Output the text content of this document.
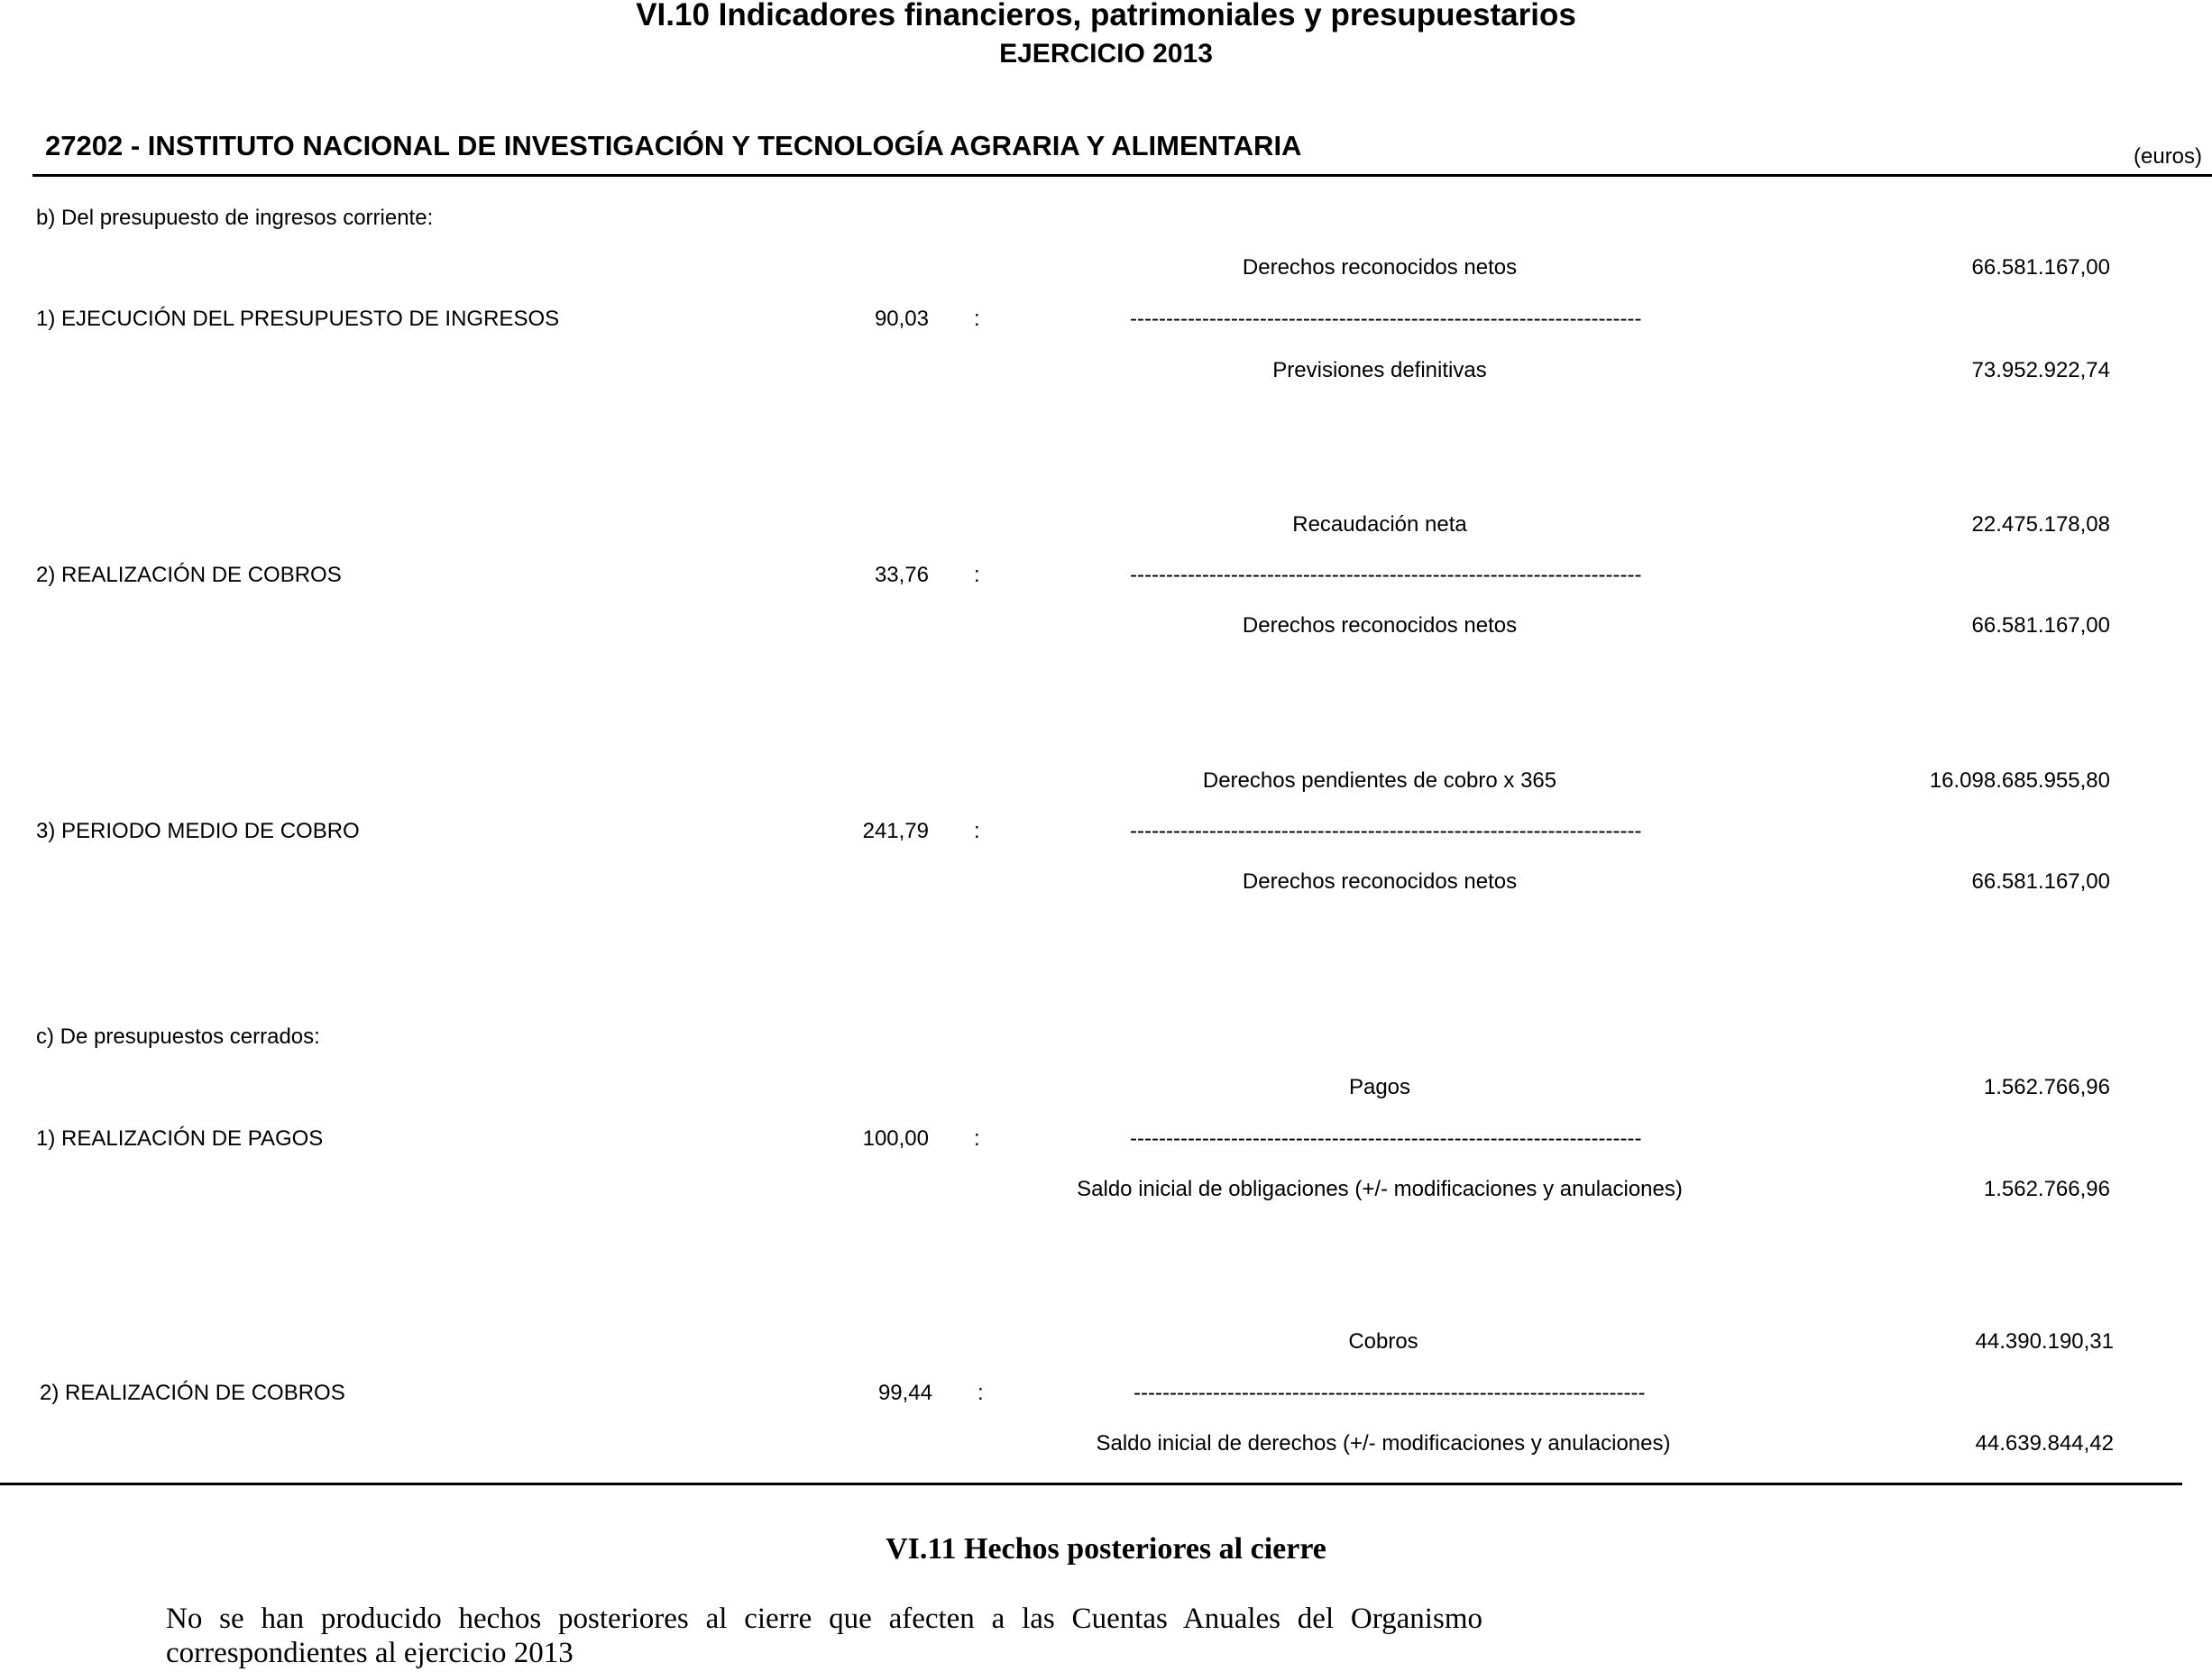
VI.10 Indicadores financieros, patrimoniales y presupuestarios
EJERCICIO 2013
27202 - INSTITUTO NACIONAL DE INVESTIGACIÓN Y TECNOLOGÍA AGRARIA Y ALIMENTARIA	(euros)
b) Del presupuesto de ingresos corriente:
Derechos reconocidos netos	66.581.167,00
1) EJECUCIÓN DEL PRESUPUESTO DE INGRESOS	90,03 :	-----------------------------------------------------------------------
Previsiones definitivas	73.952.922,74
Recaudación neta	22.475.178,08
2) REALIZACIÓN DE COBROS	33,76 :	-----------------------------------------------------------------------
Derechos reconocidos netos	66.581.167,00
Derechos pendientes de cobro x 365	16.098.685.955,80
3) PERIODO MEDIO DE COBRO	241,79 :	-----------------------------------------------------------------------
Derechos reconocidos netos	66.581.167,00
c) De presupuestos cerrados:
Pagos	1.562.766,96
1) REALIZACIÓN DE PAGOS	100,00 :	-----------------------------------------------------------------------
Saldo inicial de obligaciones (+/- modificaciones y anulaciones)	1.562.766,96
Cobros	44.390.190,31
2) REALIZACIÓN DE COBROS	99,44 :	-----------------------------------------------------------------------
Saldo inicial de derechos (+/- modificaciones y anulaciones)	44.639.844,42
VI.11 Hechos posteriores al cierre
No se han producido hechos posteriores al cierre que afecten a las Cuentas Anuales del Organismo correspondientes al ejercicio 2013
